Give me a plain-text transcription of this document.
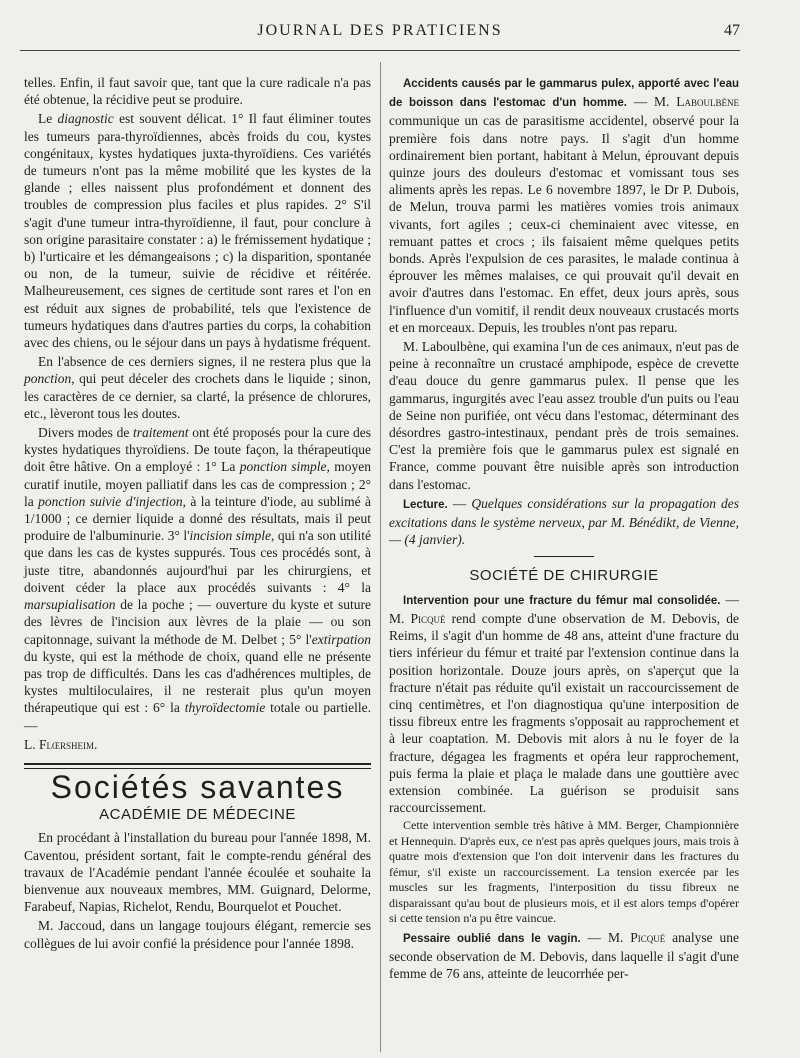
JOURNAL DES PRATICIENS	47

telles. Enfin, il faut savoir que, tant que la cure radicale n'a pas été obtenue, la récidive peut se produire.

Le diagnostic est souvent délicat. 1° Il faut éliminer toutes les tumeurs para-thyroïdiennes, abcès froids du cou, kystes congénitaux, kystes hydatiques juxta-thyroïdiens. Ces variétés de tumeurs n'ont pas la même mobilité que les kystes de la glande ; elles naissent plus profondément et donnent des troubles de compression plus faciles et plus rapides. 2° S'il s'agit d'une tumeur intra-thyroïdienne, il faut, pour conclure à son origine parasitaire constater : a) le frémissement hydatique ; b) l'urticaire et les démangeaisons ; c) la disparition, spontanée ou non, de la tumeur, suivie de récidive et réitérée. Malheureusement, ces signes de certitude sont rares et l'on en est réduit aux signes de probabilité, tels que l'existence de tumeurs hydatiques dans d'autres parties du corps, la cohabition avec des chiens, ou le séjour dans un pays à hydatisme fréquent.

En l'absence de ces derniers signes, il ne restera plus que la ponction, qui peut déceler des crochets dans le liquide ; sinon, les caractères de ce dernier, sa clarté, la présence de chlorures, etc., lèveront tous les doutes.

Divers modes de traitement ont été proposés pour la cure des kystes hydatiques thyroïdiens. De toute façon, la thérapeutique doit être hâtive. On a employé : 1° La ponction simple, moyen curatif inutile, moyen palliatif dans les cas de compression ; 2° la ponction suivie d'injection, à la teinture d'iode, au sublimé à 1/1000 ; ce dernier liquide a donné des résultats, mais il peut produire de l'albuminurie. 3° l'incision simple, qui n'a son utilité que dans les cas de kystes suppurés. Tous ces procédés sont, à juste titre, abandonnés aujourd'hui par les chirurgiens, et doivent céder la place aux procédés suivants : 4° la marsupialisation de la poche ; — ouverture du kyste et suture des lèvres de l'incision aux lèvres de la plaie — ou son capitonnage, suivant la méthode de M. Delbet ; 5° l'extirpation du kyste, qui est la méthode de choix, quand elle ne présente pas trop de difficultés. Dans les cas d'adhérences multiples, de kystes multiloculaires, il ne resterait plus qu'un moyen thérapeutique qui est : 6° la thyroïdectomie totale ou partielle. —

L. Flœrsheim.

Sociétés savantes
ACADÉMIE DE MÉDECINE

En procédant à l'installation du bureau pour l'année 1898, M. Caventou, président sortant, fait le compte-rendu général des travaux de l'Académie pendant l'année écoulée et souhaite la bienvenue aux nouveaux membres, MM. Guignard, Delorme, Farabeuf, Napias, Richelot, Rendu, Bourquelot et Pouchet.

M. Jaccoud, dans un langage toujours élégant, remercie ses collègues de lui avoir confié la présidence pour l'année 1898.

Accidents causés par le gammarus pulex, apporté avec l'eau de boisson dans l'estomac d'un homme. — M. Laboulbène communique un cas de parasitisme accidentel, observé pour la première fois dans notre pays. Il s'agit d'un homme ordinairement bien portant, habitant à Melun, éprouvant depuis quinze jours des douleurs d'estomac et vomissant tous ses aliments après les repas. Le 6 novembre 1897, le Dr P. Dubois, de Melun, trouva parmi les matières vomies trois animaux vivants, fort agiles ; ceux-ci cheminaient avec vitesse, en remuant pattes et crocs ; ils faisaient même quelques petits bonds. Après l'expulsion de ces parasites, le malade continua à éprouver les mêmes malaises, ce qui prouvait qu'il devait en avoir d'autres dans l'estomac. En effet, deux jours après, sous l'influence d'un vomitif, il rendit deux nouveaux crustacés morts et en morceaux. Depuis, les troubles n'ont pas reparu.

M. Laboulbène, qui examina l'un de ces animaux, n'eut pas de peine à reconnaître un crustacé amphipode, espèce de crevette d'eau douce du genre gammarus pulex. Il pense que les gammarus, ingurgités avec l'eau assez trouble d'un puits ou l'eau de Seine non purifiée, ont vécu dans l'estomac, déterminant des désordres gastro-intestinaux, pendant près de trois semaines. C'est la première fois que le gammarus pulex est signalé en France, comme pouvant être nuisible après son introduction dans l'estomac.

Lecture. — Quelques considérations sur la propagation des excitations dans le système nerveux, par M. Bénédikt, de Vienne, — (4 janvier).

SOCIÉTÉ DE CHIRURGIE

Intervention pour une fracture du fémur mal consolidée. — M. Picqué rend compte d'une observation de M. Debovis, de Reims, il s'agit d'un homme de 48 ans, atteint d'une fracture du tiers inférieur du fémur et traité par l'extension continue dans la position horizontale. Douze jours après, on s'aperçut que la fracture n'était pas réduite qu'il existait un raccourcissement de cinq centimètres, et l'on diagnostiqua qu'une interposition de tissu fibreux entre les fragments s'opposait au rapprochement et à leur coaptation. M. Debovis mit alors à nu le foyer de la fracture, dégagea les fragments et opéra leur rapprochement, puis ferma la plaie et plaça le malade dans une gouttière avec extension combinée. La guérison se produisit sans raccourcissement.

Cette intervention semble très hâtive à MM. Berger, Championnière et Hennequin. D'après eux, ce n'est pas après quelques jours, mais trois à quatre mois d'extension que l'on doit intervenir dans les fractures du fémur, s'il existe un raccourcissement. La tension exercée par les muscles sur les fragments, l'interposition du tissu fibreux ne disparaissant qu'au bout de plusieurs mois, et il est alors temps d'opérer si cette tension n'a pu être vaincue.

Pessaire oublié dans le vagin. — M. Picqué analyse une seconde observation de M. Debovis, dans laquelle il s'agit d'une femme de 76 ans, atteinte de leucorrhée per-
